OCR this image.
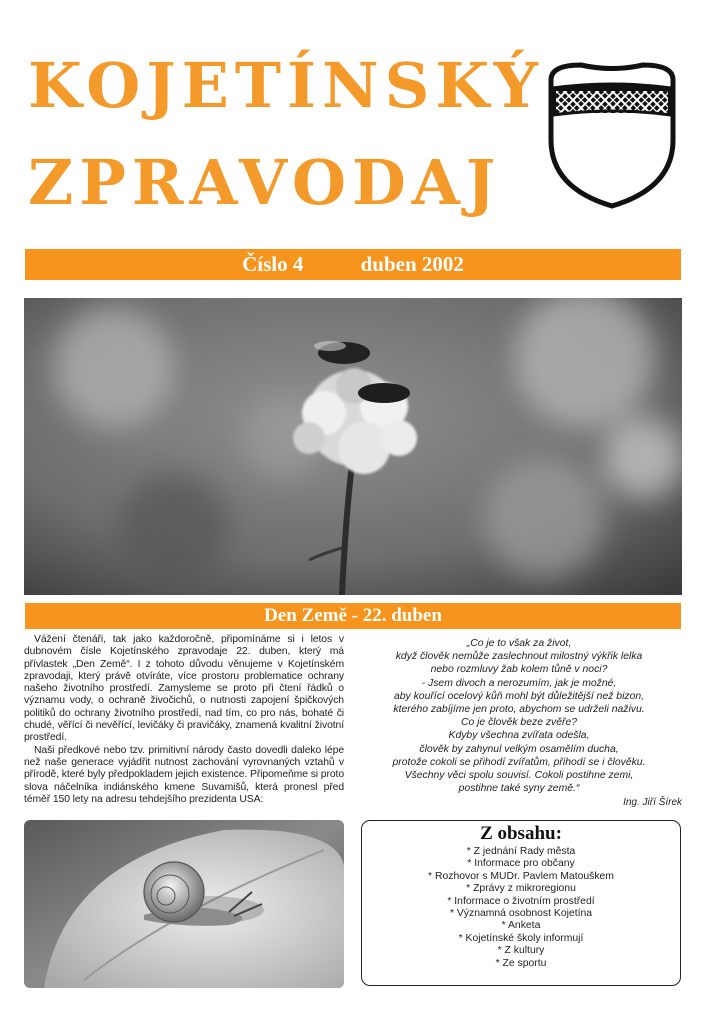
KOJETÍNSKÝ
ZPRAVODAJ
Číslo 4	duben 2002
Den Země - 22. duben

Vážení čtenáři, tak jako každoročně, připomínáme si i letos v dubnovém čísle Kojetínského zpravodaje 22. duben, který má přívlastek „Den Země“. I z tohoto důvodu věnujeme v Kojetínském zpravodaji, který právě otvíráte, více prostoru problematice ochrany našeho životního prostředí. Zamysleme se proto při čtení řádků o významu vody, o ochraně živočichů, o nutnosti zapojení špičkových politiků do ochrany životního prostředí, nad tím, co pro nás, bohaté či chudé, věřící či nevěřící, levičáky či pravičáky, znamená kvalitní životní prostředí.

Naši předkové nebo tzv. primitivní národy často dovedli daleko lépe než naše generace vyjádřit nutnost zachování vyrovnaných vztahů v přírodě, které byly předpokladem jejich existence. Připomeňme si proto slova náčelníka indiánského kmene Suvamišů, která pronesl před téměř 150 lety na adresu tehdejšího prezidenta USA:

„Co je to však za život,
když člověk nemůže zaslechnout milostný výkřik lelka
nebo rozmluvy žab kolem tůně v noci?
- Jsem divoch a nerozumím, jak je možné,
aby kouřící ocelový kůň mohl být důležitější než bizon,
kterého zabíjíme jen proto, abychom se udrželi naživu.
Co je člověk beze zvěře?
Kdyby všechna zvířata odešla,
člověk by zahynul velkým osamělím ducha,
protože cokoli se přihodí zvířatům, přihodí se i člověku.
Všechny věci spolu souvisí. Cokoli postihne zemi,
postihne také syny země.“
Ing. Jiří Šírek
Z obsahu:
* Z jednání Rady města
* Informace pro občany
* Rozhovor s MUDr. Pavlem Matouškem
* Zprávy z mikroregionu
* Informace o životním prostředí
* Významná osobnost Kojetína
* Anketa
* Kojetínské školy informují
* Z kultury
* Ze sportu
